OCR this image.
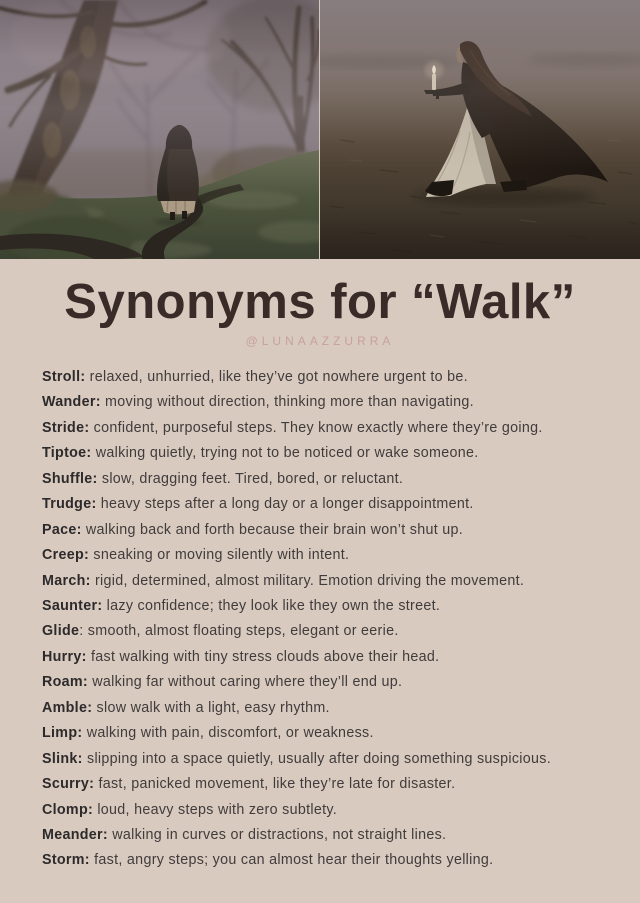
Synonyms for “Walk”
@LUNAAZZURRA

Stroll: relaxed, unhurried, like they’ve got nowhere urgent to be.

Wander: moving without direction, thinking more than navigating.

Stride: confident, purposeful steps. They know exactly where they’re going.

Tiptoe: walking quietly, trying not to be noticed or wake someone.

Shuffle: slow, dragging feet. Tired, bored, or reluctant.

Trudge: heavy steps after a long day or a longer disappointment.

Pace: walking back and forth because their brain won’t shut up.

Creep: sneaking or moving silently with intent.

March: rigid, determined, almost military. Emotion driving the movement.

Saunter: lazy confidence; they look like they own the street.

Glide: smooth, almost floating steps, elegant or eerie.

Hurry: fast walking with tiny stress clouds above their head.

Roam: walking far without caring where they’ll end up.

Amble: slow walk with a light, easy rhythm.

Limp: walking with pain, discomfort, or weakness.

Slink: slipping into a space quietly, usually after doing something suspicious.

Scurry: fast, panicked movement, like they’re late for disaster.

Clomp: loud, heavy steps with zero subtlety.

Meander: walking in curves or distractions, not straight lines.

Storm: fast, angry steps; you can almost hear their thoughts yelling.
